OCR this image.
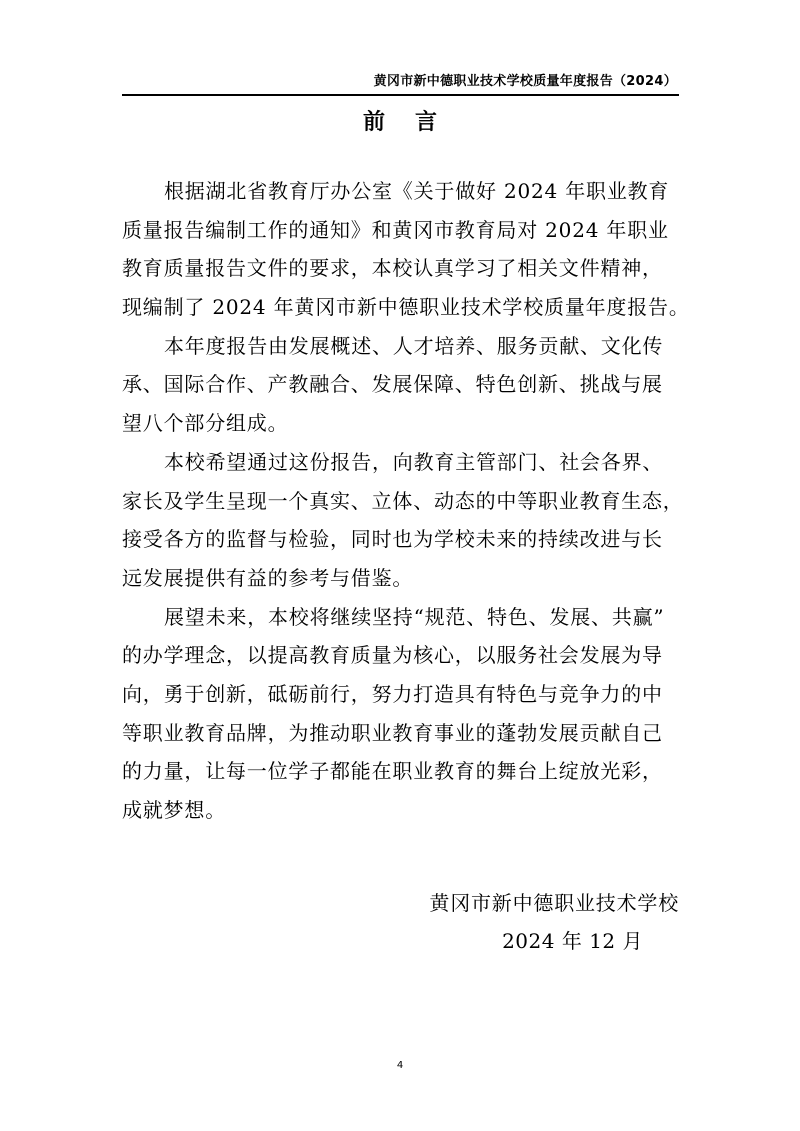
黄冈市新中德职业技术学校质量年度报告（2024）
前言
根据湖北省教育厅办公室《关于做好 2024 年职业教育
质量报告编制工作的通知》和黄冈市教育局对 2024 年职业
教育质量报告文件的要求，本校认真学习了相关文件精神，
现编制了 2024 年黄冈市新中德职业技术学校质量年度报告。
本年度报告由发展概述、人才培养、服务贡献、文化传
承、国际合作、产教融合、发展保障、特色创新、挑战与展
望八个部分组成。
本校希望通过这份报告，向教育主管部门、社会各界、
家长及学生呈现一个真实、立体、动态的中等职业教育生态，
接受各方的监督与检验，同时也为学校未来的持续改进与长
远发展提供有益的参考与借鉴。
展望未来，本校将继续坚持“规范、特色、发展、共赢”
的办学理念，以提高教育质量为核心，以服务社会发展为导
向，勇于创新，砥砺前行，努力打造具有特色与竞争力的中
等职业教育品牌，为推动职业教育事业的蓬勃发展贡献自己
的力量，让每一位学子都能在职业教育的舞台上绽放光彩，
成就梦想。
黄冈市新中德职业技术学校
2024 年 12 月
4
